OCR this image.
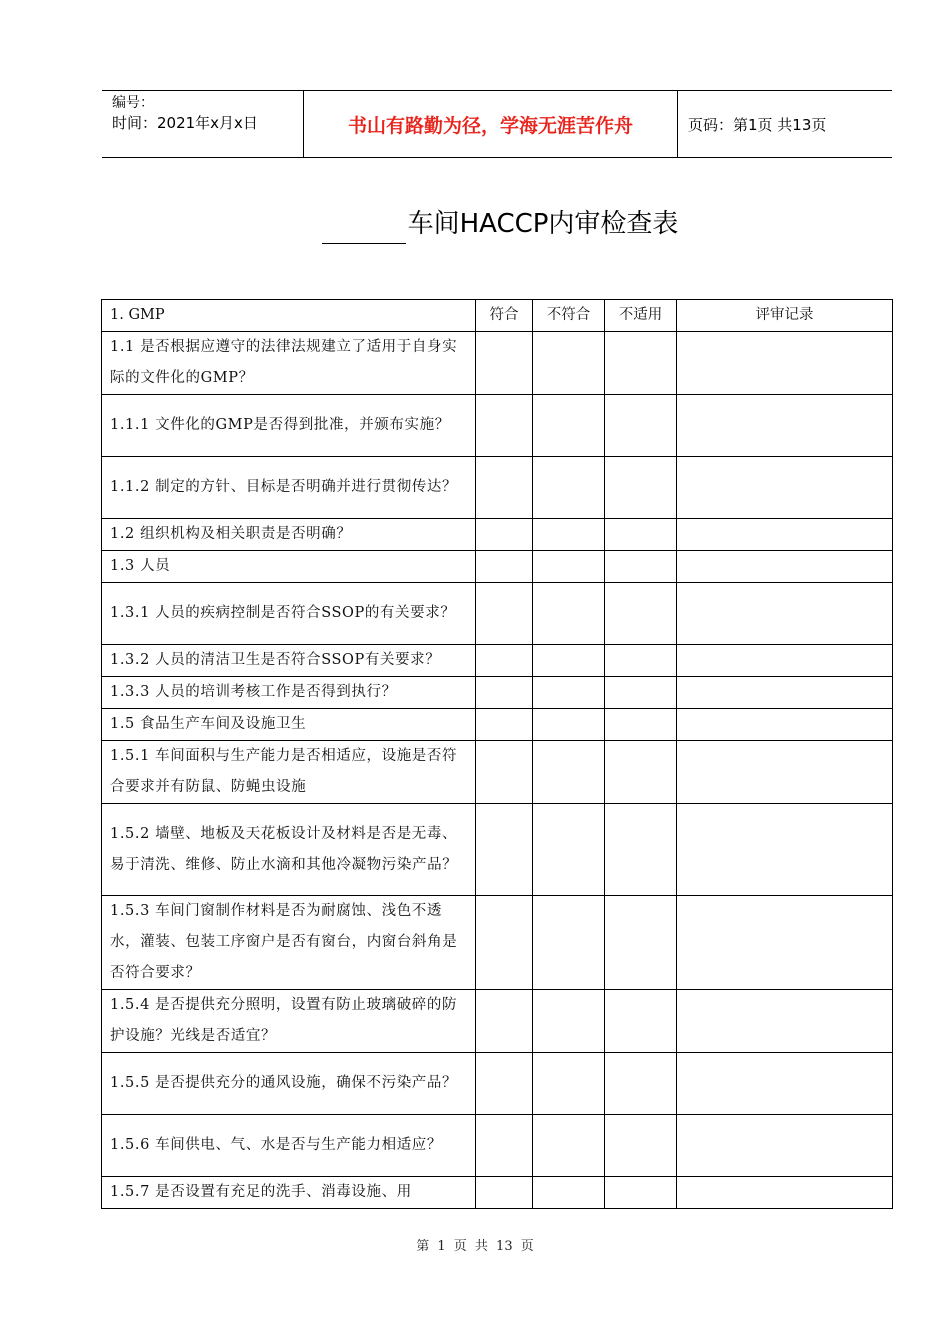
编号：
时间：2021年x月x日	书山有路勤为径，学海无涯苦作舟	页码：第1页 共13页
车间HACCP内审检查表
1. GMP	符合	不符合	不适用	评审记录
1.1 是否根据应遵守的法律法规建立了适用于自身实际的文件化的GMP？				
1.1.1 文件化的GMP是否得到批准，并颁布实施？				
1.1.2 制定的方针、目标是否明确并进行贯彻传达？				
1.2 组织机构及相关职责是否明确？				
1.3 人员				
1.3.1 人员的疾病控制是否符合SSOP的有关要求？				
1.3.2 人员的清洁卫生是否符合SSOP有关要求？				
1.3.3 人员的培训考核工作是否得到执行？				
1.5 食品生产车间及设施卫生				
1.5.1 车间面积与生产能力是否相适应，设施是否符合要求并有防鼠、防蝇虫设施				
1.5.2 墙壁、地板及天花板设计及材料是否是无毒、易于清洗、维修、防止水滴和其他冷凝物污染产品？				
1.5.3 车间门窗制作材料是否为耐腐蚀、浅色不透水，灌装、包装工序窗户是否有窗台，内窗台斜角是否符合要求？				
1.5.4 是否提供充分照明，设置有防止玻璃破碎的防护设施？光线是否适宜？				
1.5.5 是否提供充分的通风设施，确保不污染产品？				
1.5.6 车间供电、气、水是否与生产能力相适应？				
1.5.7 是否设置有充足的洗手、消毒设施、用				
第 1 页 共 13 页
